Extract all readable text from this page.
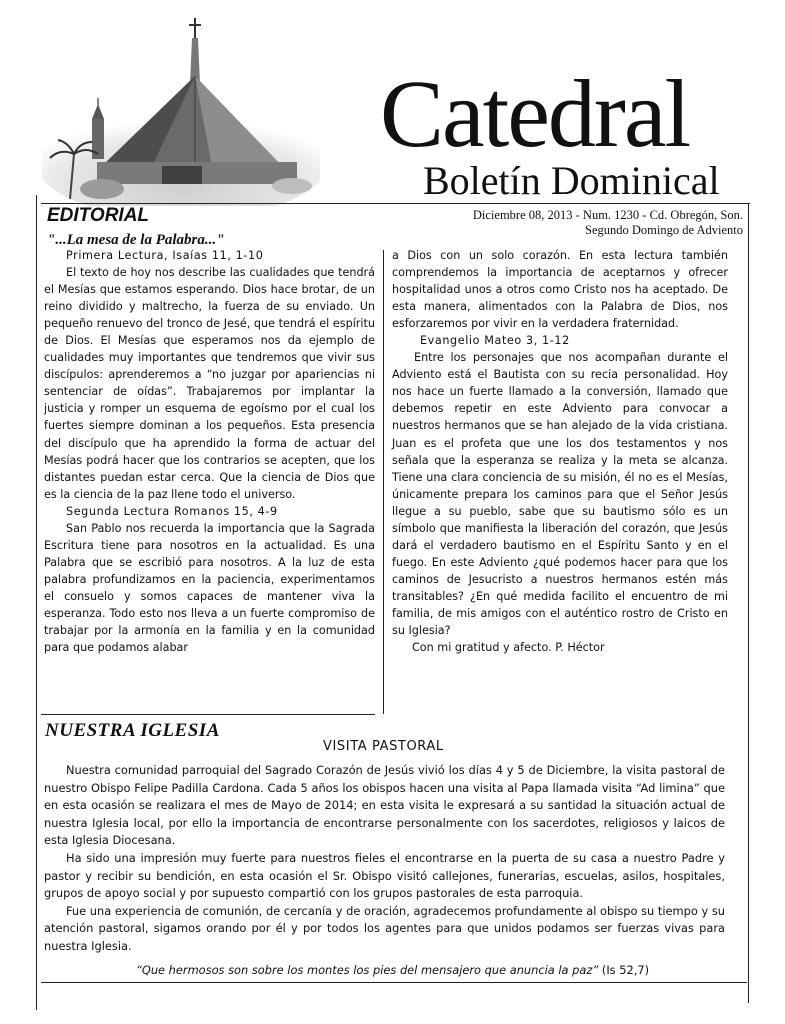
Catedral
Boletín Dominical
Diciembre 08, 2013 - Num. 1230 - Cd. Obregón, Son.
Segundo Domingo de Adviento
EDITORIAL
"...La mesa de la Palabra..."
Primera Lectura, Isaías 11, 1-10

El texto de hoy nos describe las cualidades que tendrá el Mesías que estamos esperando. Dios hace brotar, de un reino dividido y maltrecho, la fuerza de su enviado. Un pequeño renuevo del tronco de Jesé, que tendrá el espíritu de Dios. El Mesías que esperamos nos da ejemplo de cualidades muy importantes que tendremos que vivir sus discípulos: aprenderemos a “no juzgar por apariencias ni sentenciar de oídas”. Trabajaremos por implantar la justicia y romper un esquema de egoísmo por el cual los fuertes siempre dominan a los pequeños. Esta presencia del discípulo que ha aprendido la forma de actuar del Mesías podrá hacer que los contrarios se acepten, que los distantes puedan estar cerca. Que la ciencia de Dios que es la ciencia de la paz llene todo el universo.

Segunda Lectura Romanos 15, 4-9

San Pablo nos recuerda la importancia que la Sagrada Escritura tiene para nosotros en la actualidad. Es una Palabra que se escribió para nosotros. A la luz de esta palabra profundizamos en la paciencia, experimentamos el consuelo y somos capaces de mantener viva la esperanza. Todo esto nos lleva a un fuerte compromiso de trabajar por la armonía en la familia y en la comunidad para que podamos alabar

a Dios con un solo corazón. En esta lectura también comprendemos la importancia de aceptarnos y ofrecer hospitalidad unos a otros como Cristo nos ha aceptado. De esta manera, alimentados con la Palabra de Dios, nos esforzaremos por vivir en la verdadera fraternidad.

Evangelio Mateo 3, 1-12

Entre los personajes que nos acompañan durante el Adviento está el Bautista con su recia personalidad. Hoy nos hace un fuerte llamado a la conversión, llamado que debemos repetir en este Adviento para convocar a nuestros hermanos que se han alejado de la vida cristiana. Juan es el profeta que une los dos testamentos y nos señala que la esperanza se realiza y la meta se alcanza. Tiene una clara conciencia de su misión, él no es el Mesías, únicamente prepara los caminos para que el Señor Jesús llegue a su pueblo, sabe que su bautismo sólo es un símbolo que manifiesta la liberación del corazón, que Jesús dará el verdadero bautismo en el Espíritu Santo y en el fuego. En este Adviento ¿qué podemos hacer para que los caminos de Jesucristo a nuestros hermanos estén más transitables? ¿En qué medida facilito el encuentro de mi familia, de mis amigos con el auténtico rostro de Cristo en su Iglesia?

Con mi gratitud y afecto. P. Héctor
NUESTRA IGLESIA
VISITA PASTORAL

Nuestra comunidad parroquial del Sagrado Corazón de Jesús vivió los días 4 y 5 de Diciembre, la visita pastoral de nuestro Obispo Felipe Padilla Cardona. Cada 5 años los obispos hacen una visita al Papa llamada visita “Ad limina” que en esta ocasión se realizara el mes de Mayo de 2014; en esta visita le expresará a su santidad la situación actual de nuestra Iglesia local, por ello la importancia de encontrarse personalmente con los sacerdotes, religiosos y laicos de esta Iglesia Diocesana.

Ha sido una impresión muy fuerte para nuestros fieles el encontrarse en la puerta de su casa a nuestro Padre y pastor y recibir su bendición, en esta ocasión el Sr. Obispo visitó callejones, funerarias, escuelas, asilos, hospitales, grupos de apoyo social y por supuesto compartió con los grupos pastorales de esta parroquia.

Fue una experiencia de comunión, de cercanía y de oración, agradecemos profundamente al obispo su tiempo y su atención pastoral, sigamos orando por él y por todos los agentes para que unidos podamos ser fuerzas vivas para nuestra Iglesia.

“Que hermosos son sobre los montes los pies del mensajero que anuncia la paz” (Is 52,7)
